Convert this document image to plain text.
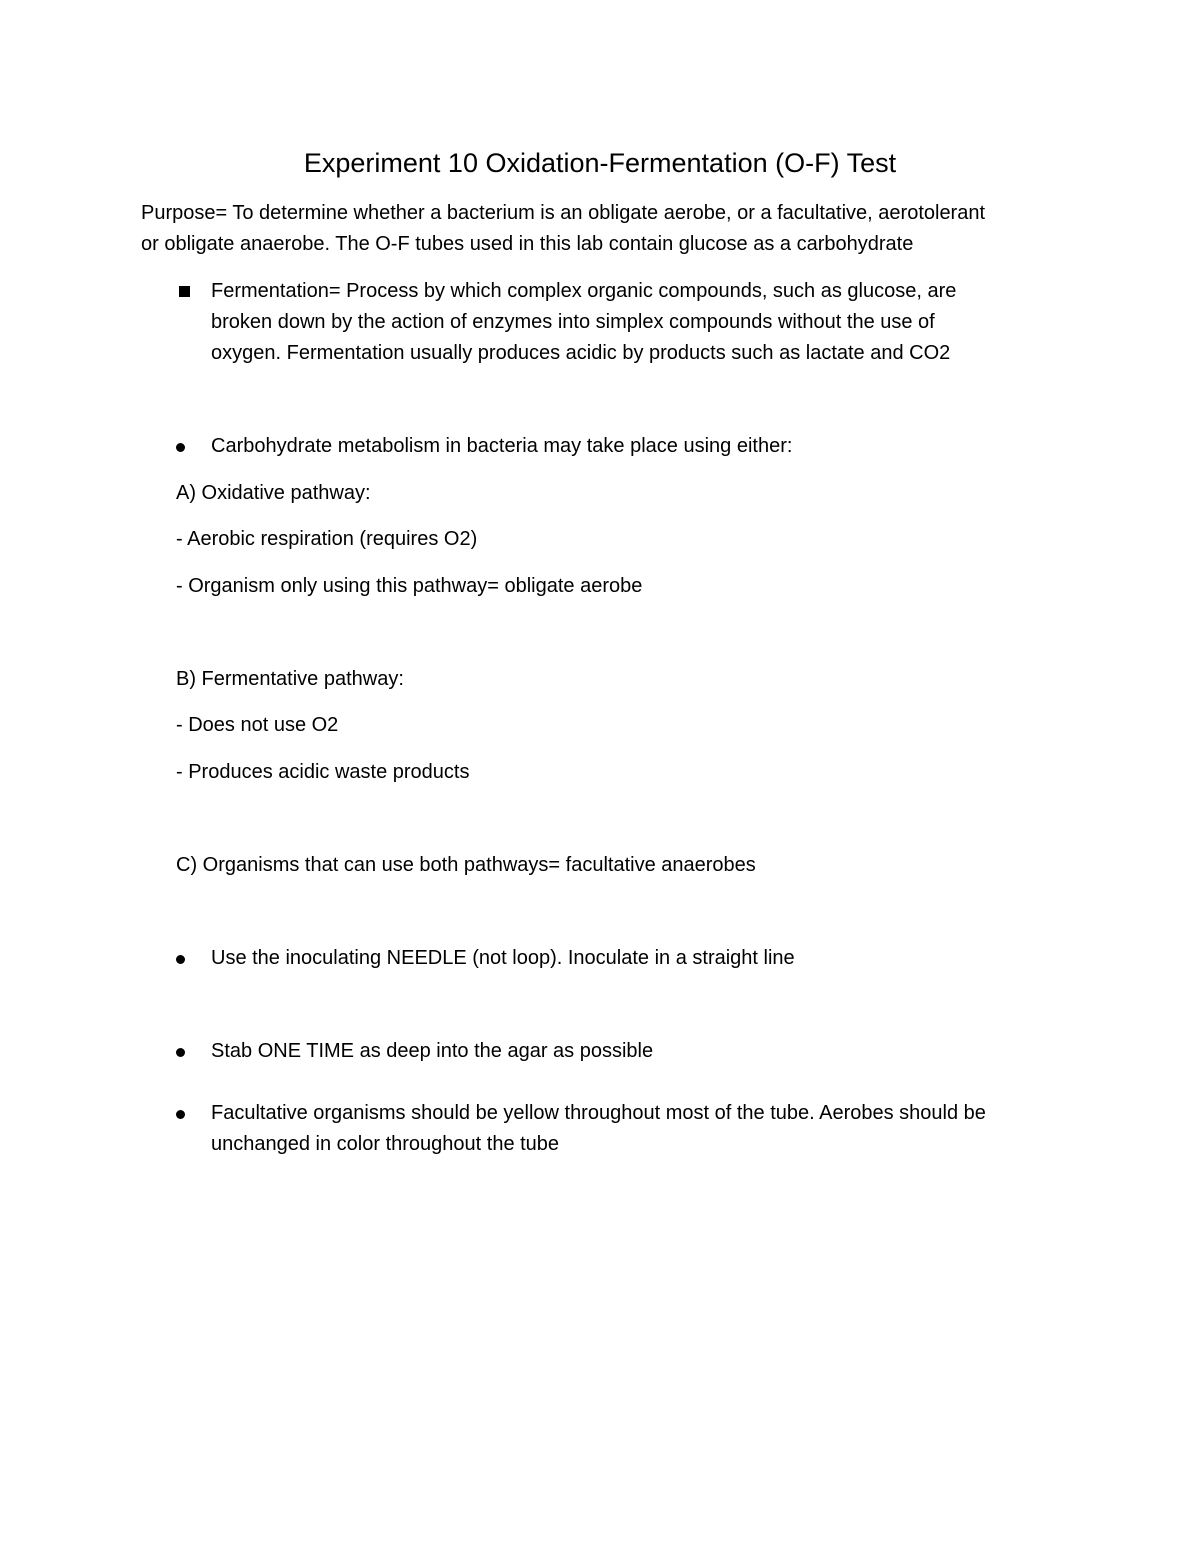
Experiment 10 Oxidation-Fermentation (O-F) Test

Purpose= To determine whether a bacterium is an obligate aerobe, or a facultative, aerotolerant

or obligate anaerobe. The O-F tubes used in this lab contain glucose as a carbohydrate

Fermentation= Process by which complex organic compounds, such as glucose, are

broken down by the action of enzymes into simplex compounds without the use of

oxygen. Fermentation usually produces acidic by products such as lactate and CO2

Carbohydrate metabolism in bacteria may take place using either:

A) Oxidative pathway:

- Aerobic respiration (requires O2)

- Organism only using this pathway= obligate aerobe

B) Fermentative pathway:

- Does not use O2

- Produces acidic waste products

C) Organisms that can use both pathways= facultative anaerobes

Use the inoculating NEEDLE (not loop). Inoculate in a straight line

Stab ONE TIME as deep into the agar as possible

Facultative organisms should be yellow throughout most of the tube. Aerobes should be

unchanged in color throughout the tube
